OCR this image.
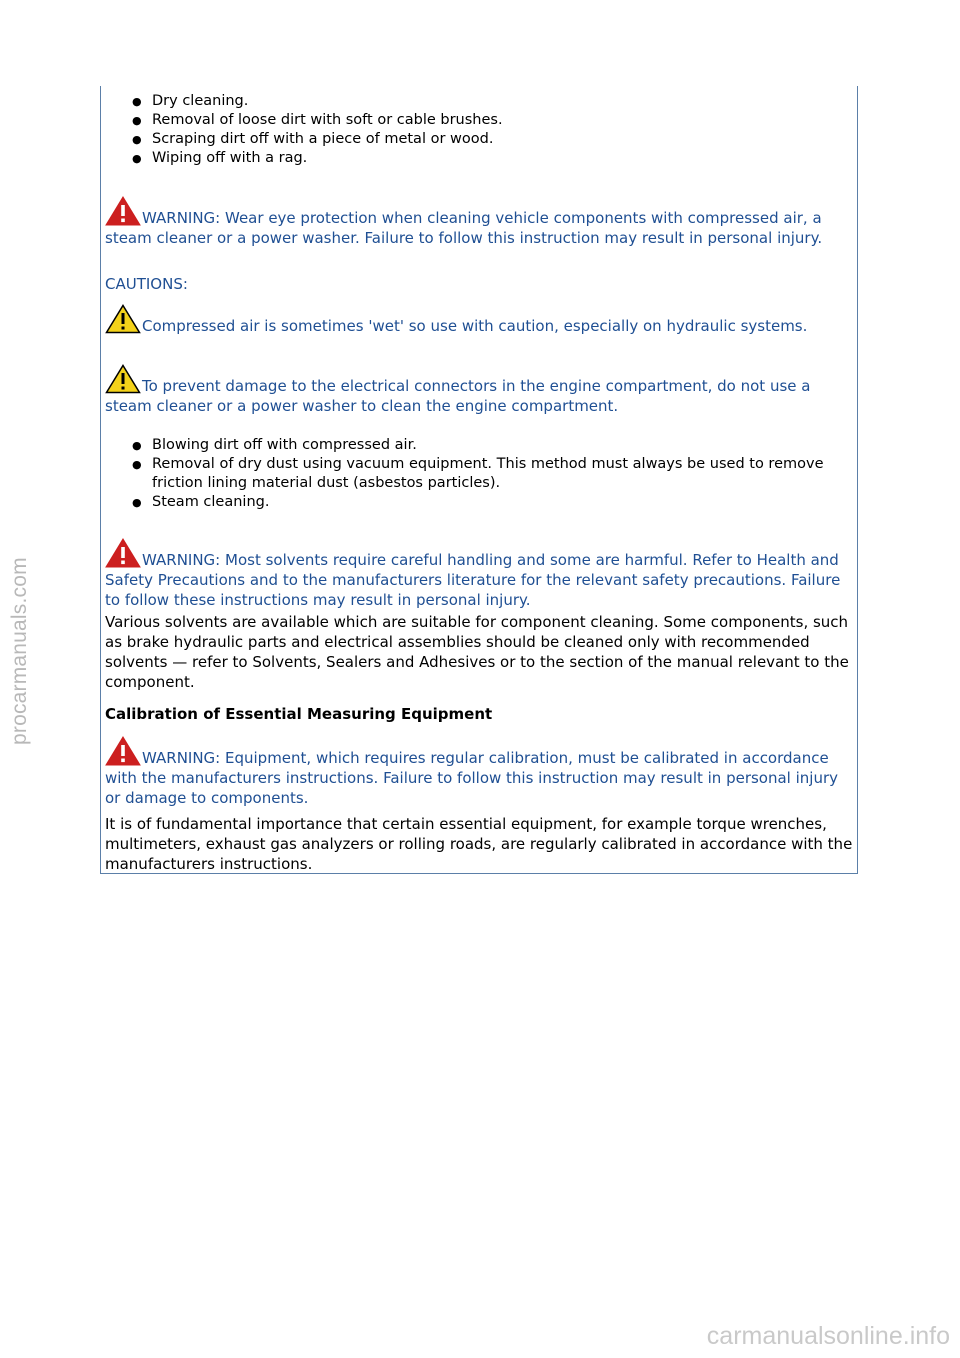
procarmanuals.com
carmanualsonline.info
● Dry cleaning.
● Removal of loose dirt with soft or cable brushes.
● Scraping dirt off with a piece of metal or wood.
● Wiping off with a rag.
WARNING: Wear eye protection when cleaning vehicle components with compressed air, a steam cleaner or a power washer. Failure to follow this instruction may result in personal injury.
CAUTIONS:
Compressed air is sometimes 'wet' so use with caution, especially on hydraulic systems.
To prevent damage to the electrical connectors in the engine compartment, do not use a steam cleaner or a power washer to clean the engine compartment.
● Blowing dirt off with compressed air.
● Removal of dry dust using vacuum equipment. This method must always be used to remove friction lining material dust (asbestos particles).
● Steam cleaning.
WARNING: Most solvents require careful handling and some are harmful. Refer to Health and Safety Precautions and to the manufacturers literature for the relevant safety precautions. Failure to follow these instructions may result in personal injury.
Various solvents are available which are suitable for component cleaning. Some components, such as brake hydraulic parts and electrical assemblies should be cleaned only with recommended solvents — refer to Solvents, Sealers and Adhesives or to the section of the manual relevant to the component.
Calibration of Essential Measuring Equipment
WARNING: Equipment, which requires regular calibration, must be calibrated in accordance with the manufacturers instructions. Failure to follow this instruction may result in personal injury or damage to components.
It is of fundamental importance that certain essential equipment, for example torque wrenches, multimeters, exhaust gas analyzers or rolling roads, are regularly calibrated in accordance with the manufacturers instructions.
